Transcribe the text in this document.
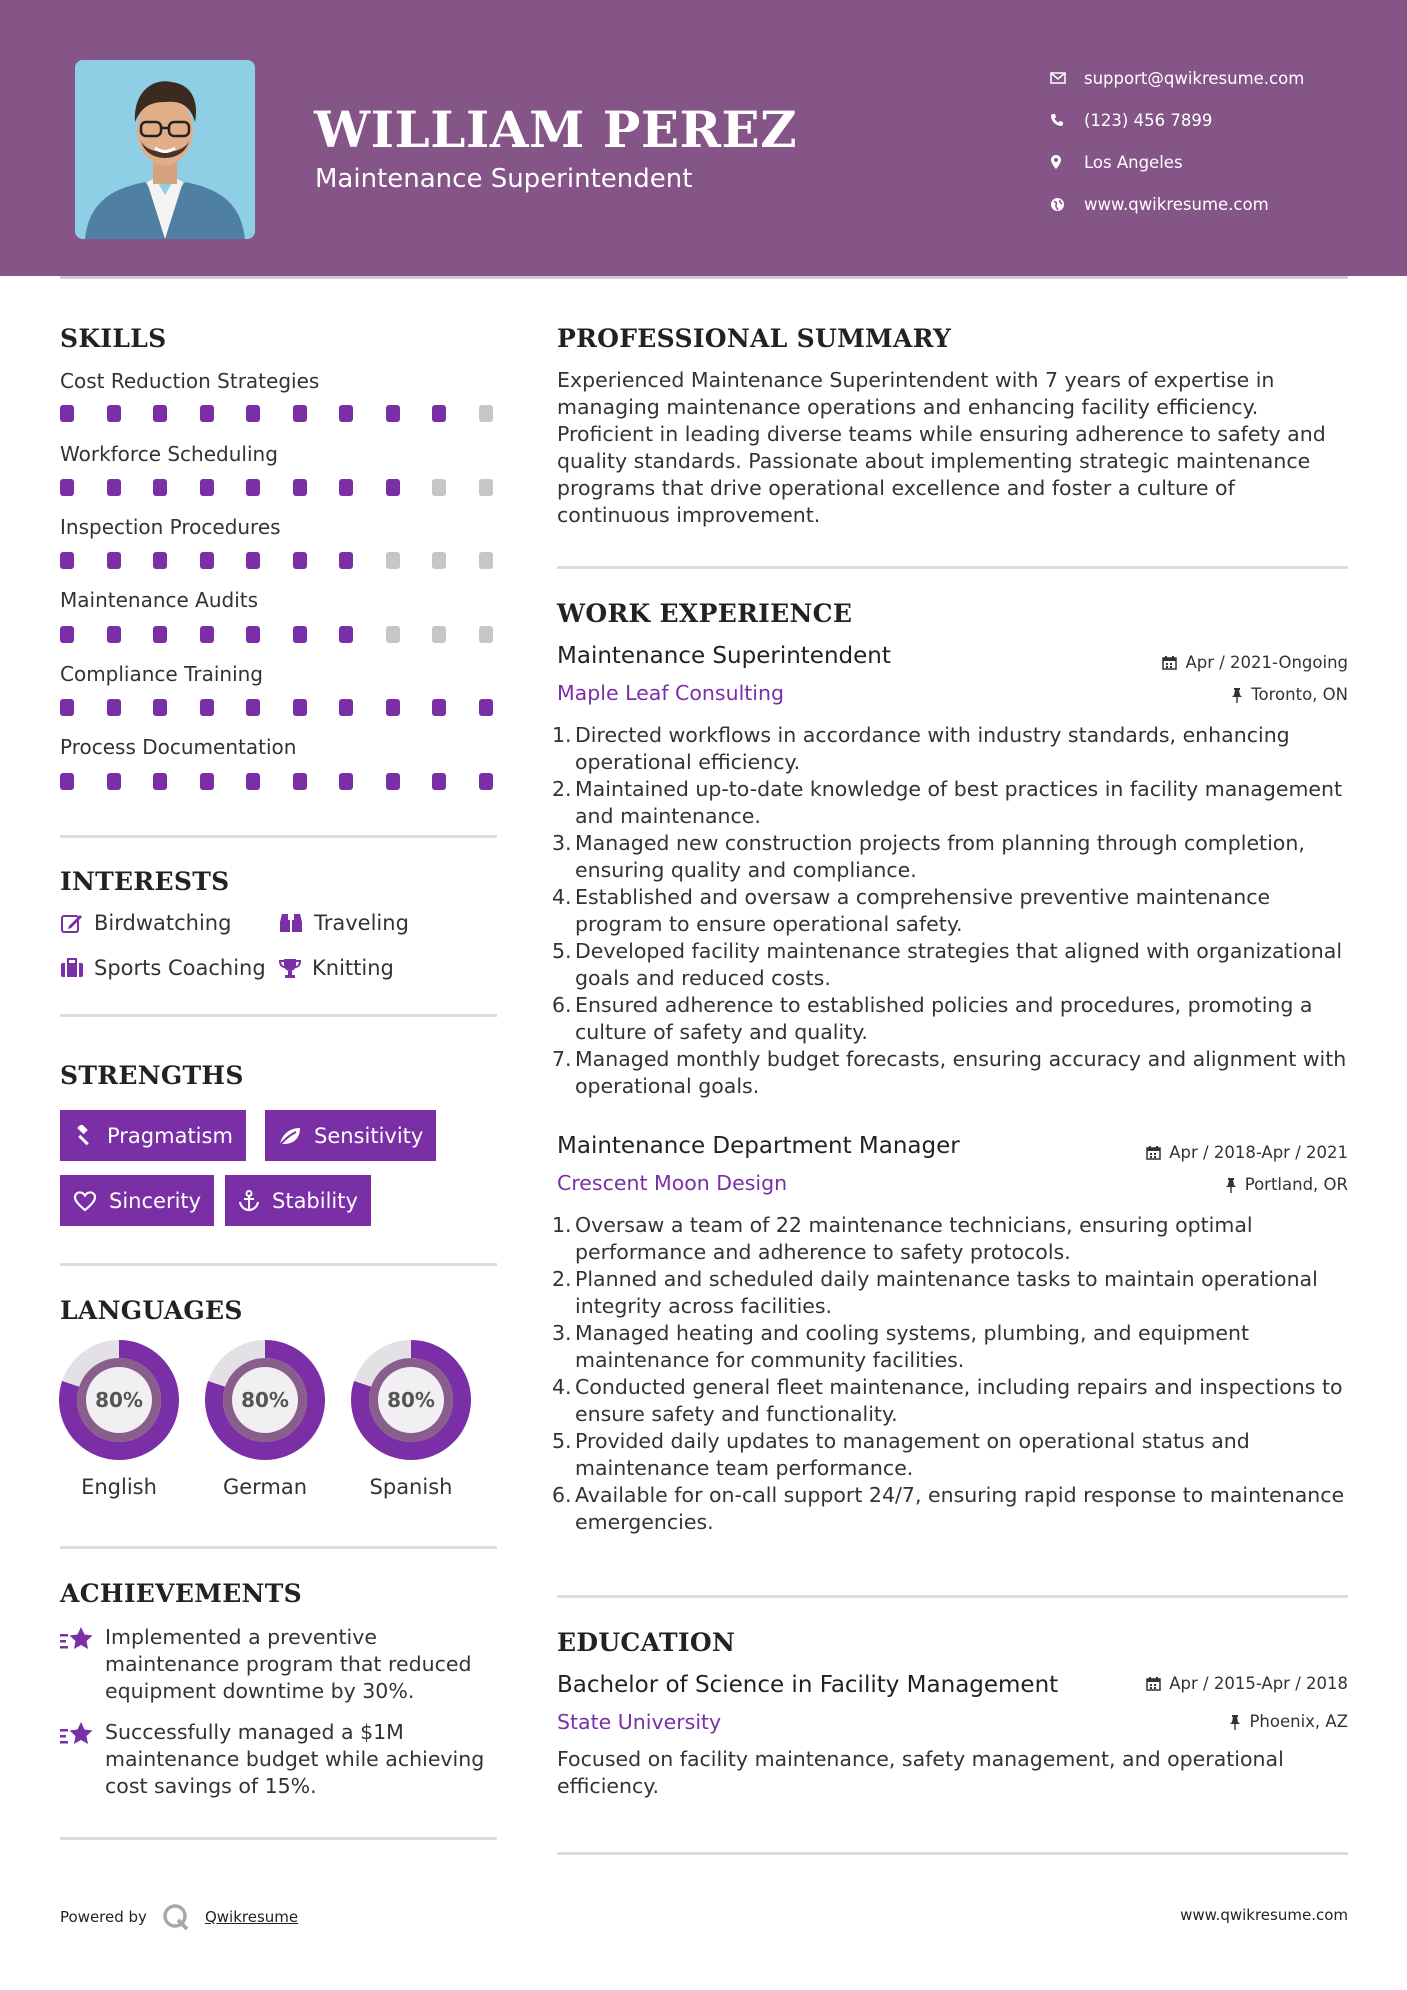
WILLIAM PEREZ
Maintenance Superintendent
support@qwikresume.com
(123) 456 7899
Los Angeles
www.qwikresume.com
SKILLS
Cost Reduction Strategies
Workforce Scheduling
Inspection Procedures
Maintenance Audits
Compliance Training
Process Documentation
INTERESTS
Birdwatching	Traveling
Sports Coaching Knitting
STRENGTHS
Pragmatism	Sensitivity
Sincerity	Stability
LANGUAGES
80%
English
80%
German
80%
Spanish
ACHIEVEMENTS
Implemented a preventive maintenance program that reduced equipment downtime by 30%.
Successfully managed a $1M maintenance budget while achieving cost savings of 15%.
PROFESSIONAL SUMMARY
Experienced Maintenance Superintendent with 7 years of expertise in managing maintenance operations and enhancing facility efficiency. Proficient in leading diverse teams while ensuring adherence to safety and quality standards. Passionate about implementing strategic maintenance programs that drive operational excellence and foster a culture of continuous improvement.
WORK EXPERIENCE
Maintenance Superintendent	Apr / 2021-Ongoing
Maple Leaf Consulting	Toronto, ON
1. Directed workflows in accordance with industry standards, enhancing operational efficiency.
2. Maintained up-to-date knowledge of best practices in facility management and maintenance.
3. Managed new construction projects from planning through completion, ensuring quality and compliance.
4. Established and oversaw a comprehensive preventive maintenance program to ensure operational safety.
5. Developed facility maintenance strategies that aligned with organizational goals and reduced costs.
6. Ensured adherence to established policies and procedures, promoting a culture of safety and quality.
7. Managed monthly budget forecasts, ensuring accuracy and alignment with operational goals.
Maintenance Department Manager	Apr / 2018-Apr / 2021
Crescent Moon Design	Portland, OR
1. Oversaw a team of 22 maintenance technicians, ensuring optimal performance and adherence to safety protocols.
2. Planned and scheduled daily maintenance tasks to maintain operational integrity across facilities.
3. Managed heating and cooling systems, plumbing, and equipment maintenance for community facilities.
4. Conducted general fleet maintenance, including repairs and inspections to ensure safety and functionality.
5. Provided daily updates to management on operational status and maintenance team performance.
6. Available for on-call support 24/7, ensuring rapid response to maintenance emergencies.
EDUCATION
Bachelor of Science in Facility Management	Apr / 2015-Apr / 2018
State University	Phoenix, AZ
Focused on facility maintenance, safety management, and operational efficiency.
Powered by	Qwikresume	www.qwikresume.com
